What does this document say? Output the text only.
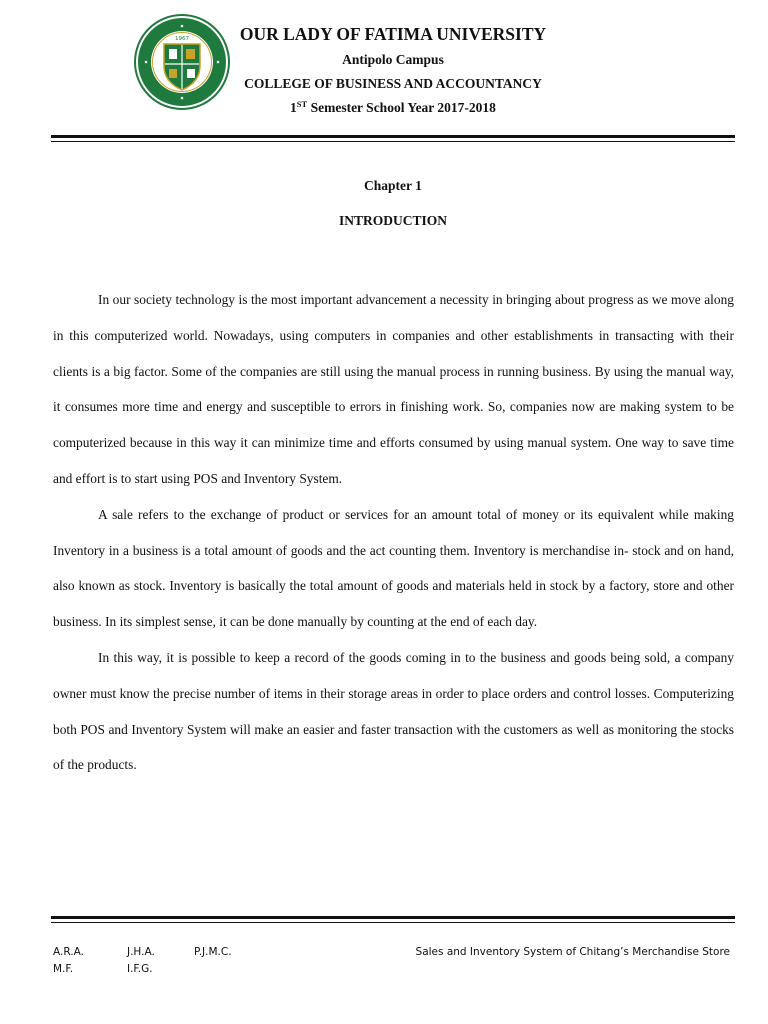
1967	OUR LADY OF FATIMA UNIVERSITY
Antipolo Campus
COLLEGE OF BUSINESS AND ACCOUNTANCY
1ST Semester School Year 2017-2018
Chapter 1
INTRODUCTION

In our society technology is the most important advancement a necessity in bringing about progress as we move along in this computerized world. Nowadays, using computers in companies and other establishments in transacting with their clients is a big factor. Some of the companies are still using the manual process in running business. By using the manual way, it consumes more time and energy and susceptible to errors in finishing work. So, companies now are making system to be computerized because in this way it can minimize time and efforts consumed by using manual system. One way to save time and effort is to start using POS and Inventory System.

A sale refers to the exchange of product or services for an amount total of money or its equivalent while making Inventory in a business is a total amount of goods and the act counting them. Inventory is merchandise in- stock and on hand, also known as stock. Inventory is basically the total amount of goods and materials held in stock by a factory, store and other business. In its simplest sense, it can be done manually by counting at the end of each day.

In this way, it is possible to keep a record of the goods coming in to the business and goods being sold, a company owner must know the precise number of items in their storage areas in order to place orders and control losses. Computerizing both POS and Inventory System will make an easier and faster transaction with the customers as well as monitoring the stocks of the products.

A.R.A.	J.H.A.	P.J.M.C.
M.F.	I.F.G.
Sales and Inventory System of Chitang’s Merchandise Store
